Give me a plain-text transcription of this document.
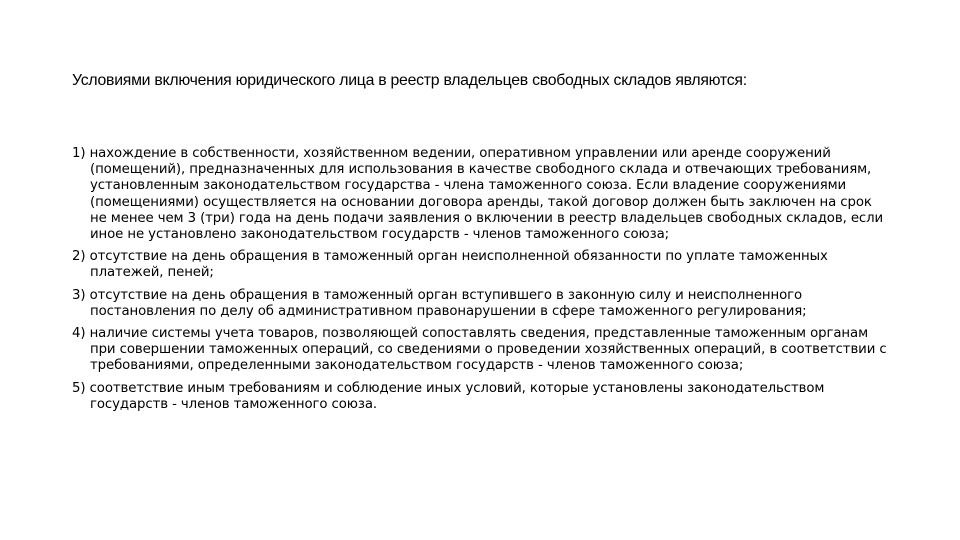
Условиями включения юридического лица в реестр владельцев свободных складов являются:
1) нахождение в собственности, хозяйственном ведении, оперативном управлении или аренде сооружений (помещений), предназначенных для использования в качестве свободного склада и отвечающих требованиям, установленным законодательством государства - члена таможенного союза. Если владение сооружениями (помещениями) осуществляется на основании договора аренды, такой договор должен быть заключен на срок не менее чем 3 (три) года на день подачи заявления о включении в реестр владельцев свободных складов, если иное не установлено законодательством государств - членов таможенного союза;
2) отсутствие на день обращения в таможенный орган неисполненной обязанности по уплате таможенных платежей, пеней;
3) отсутствие на день обращения в таможенный орган вступившего в законную силу и неисполненного постановления по делу об административном правонарушении в сфере таможенного регулирования;
4) наличие системы учета товаров, позволяющей сопоставлять сведения, представленные таможенным органам при совершении таможенных операций, со сведениями о проведении хозяйственных операций, в соответствии с требованиями, определенными законодательством государств - членов таможенного союза;
5) соответствие иным требованиям и соблюдение иных условий, которые установлены законодательством государств - членов таможенного союза.
